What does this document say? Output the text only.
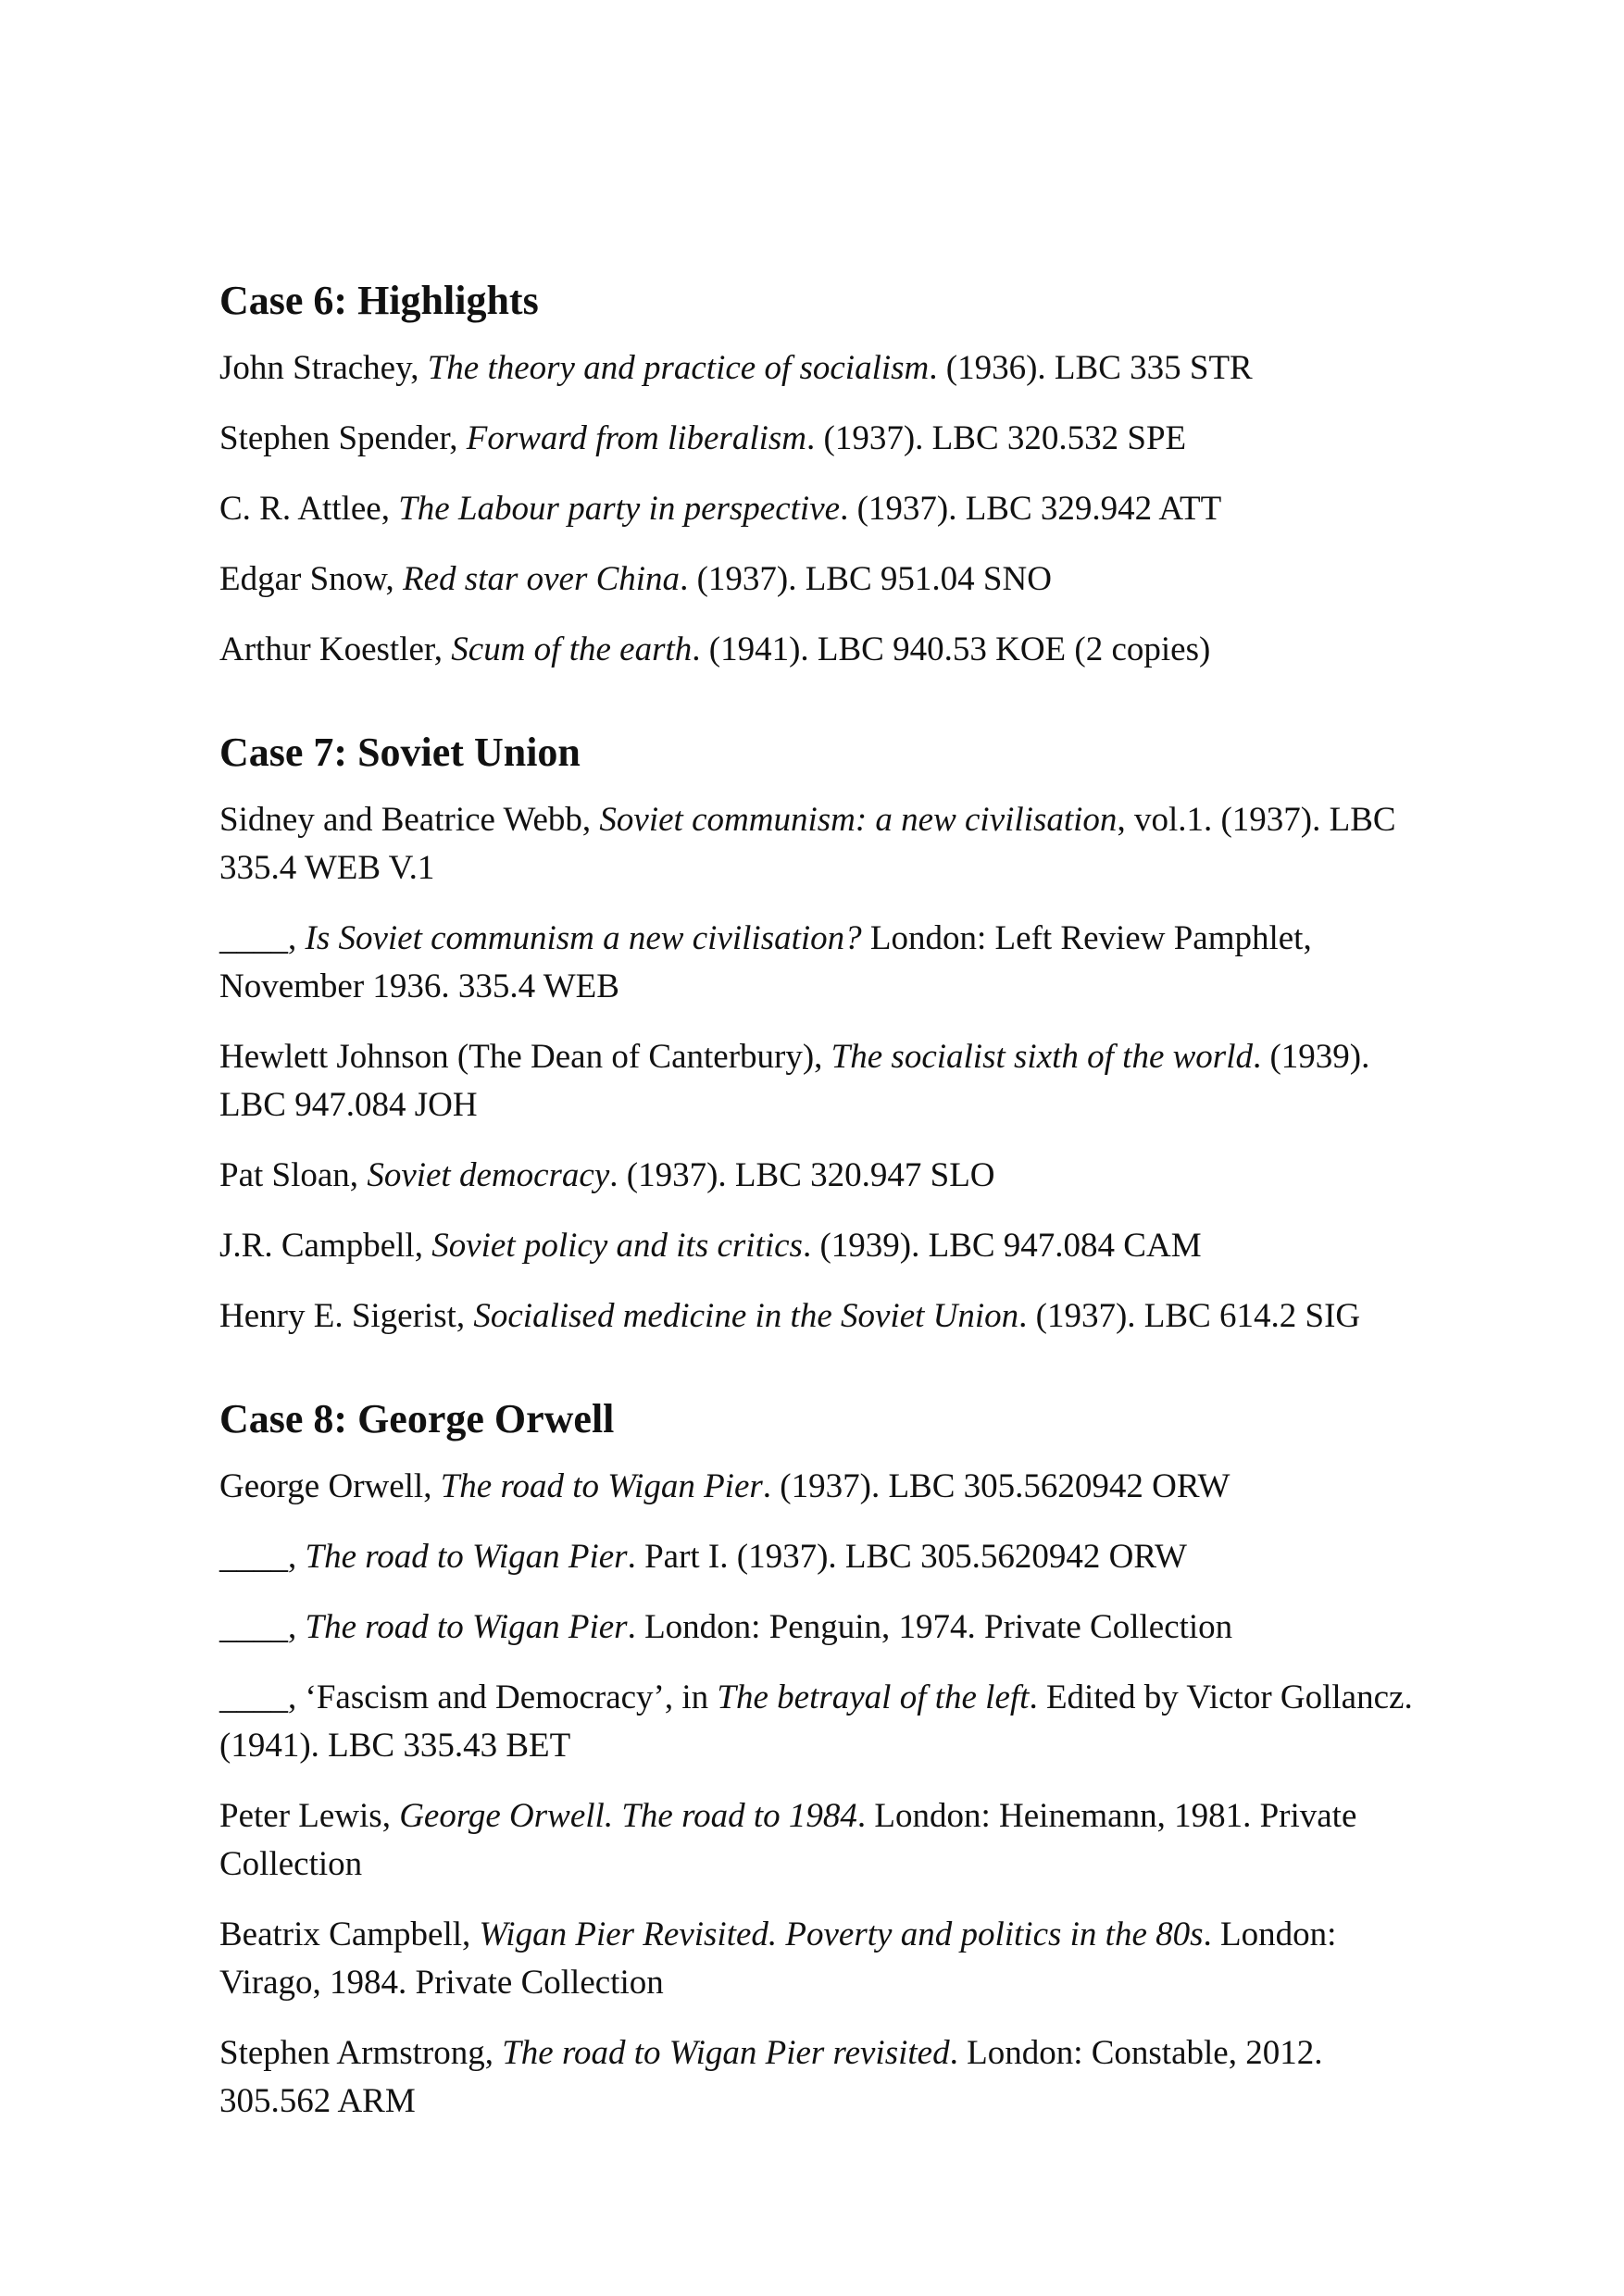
Case 6: Highlights

John Strachey, The theory and practice of socialism. (1936). LBC 335 STR

Stephen Spender, Forward from liberalism. (1937). LBC 320.532 SPE

C. R. Attlee, The Labour party in perspective. (1937). LBC 329.942 ATT

Edgar Snow, Red star over China. (1937). LBC 951.04 SNO

Arthur Koestler, Scum of the earth. (1941). LBC 940.53 KOE (2 copies)

Case 7: Soviet Union

Sidney and Beatrice Webb, Soviet communism: a new civilisation, vol.1. (1937). LBC 335.4 WEB V.1

____, Is Soviet communism a new civilisation? London: Left Review Pamphlet, November 1936. 335.4 WEB

Hewlett Johnson (The Dean of Canterbury), The socialist sixth of the world. (1939). LBC 947.084 JOH

Pat Sloan, Soviet democracy. (1937). LBC 320.947 SLO

J.R. Campbell, Soviet policy and its critics. (1939). LBC 947.084 CAM

Henry E. Sigerist, Socialised medicine in the Soviet Union. (1937). LBC 614.2 SIG

Case 8: George Orwell

George Orwell, The road to Wigan Pier. (1937). LBC 305.5620942 ORW

____, The road to Wigan Pier. Part I. (1937). LBC 305.5620942 ORW

____, The road to Wigan Pier. London: Penguin, 1974. Private Collection

____, ‘Fascism and Democracy’, in The betrayal of the left. Edited by Victor Gollancz. (1941). LBC 335.43 BET

Peter Lewis, George Orwell. The road to 1984. London: Heinemann, 1981. Private Collection

Beatrix Campbell, Wigan Pier Revisited. Poverty and politics in the 80s. London: Virago, 1984. Private Collection

Stephen Armstrong, The road to Wigan Pier revisited. London: Constable, 2012. 305.562 ARM
